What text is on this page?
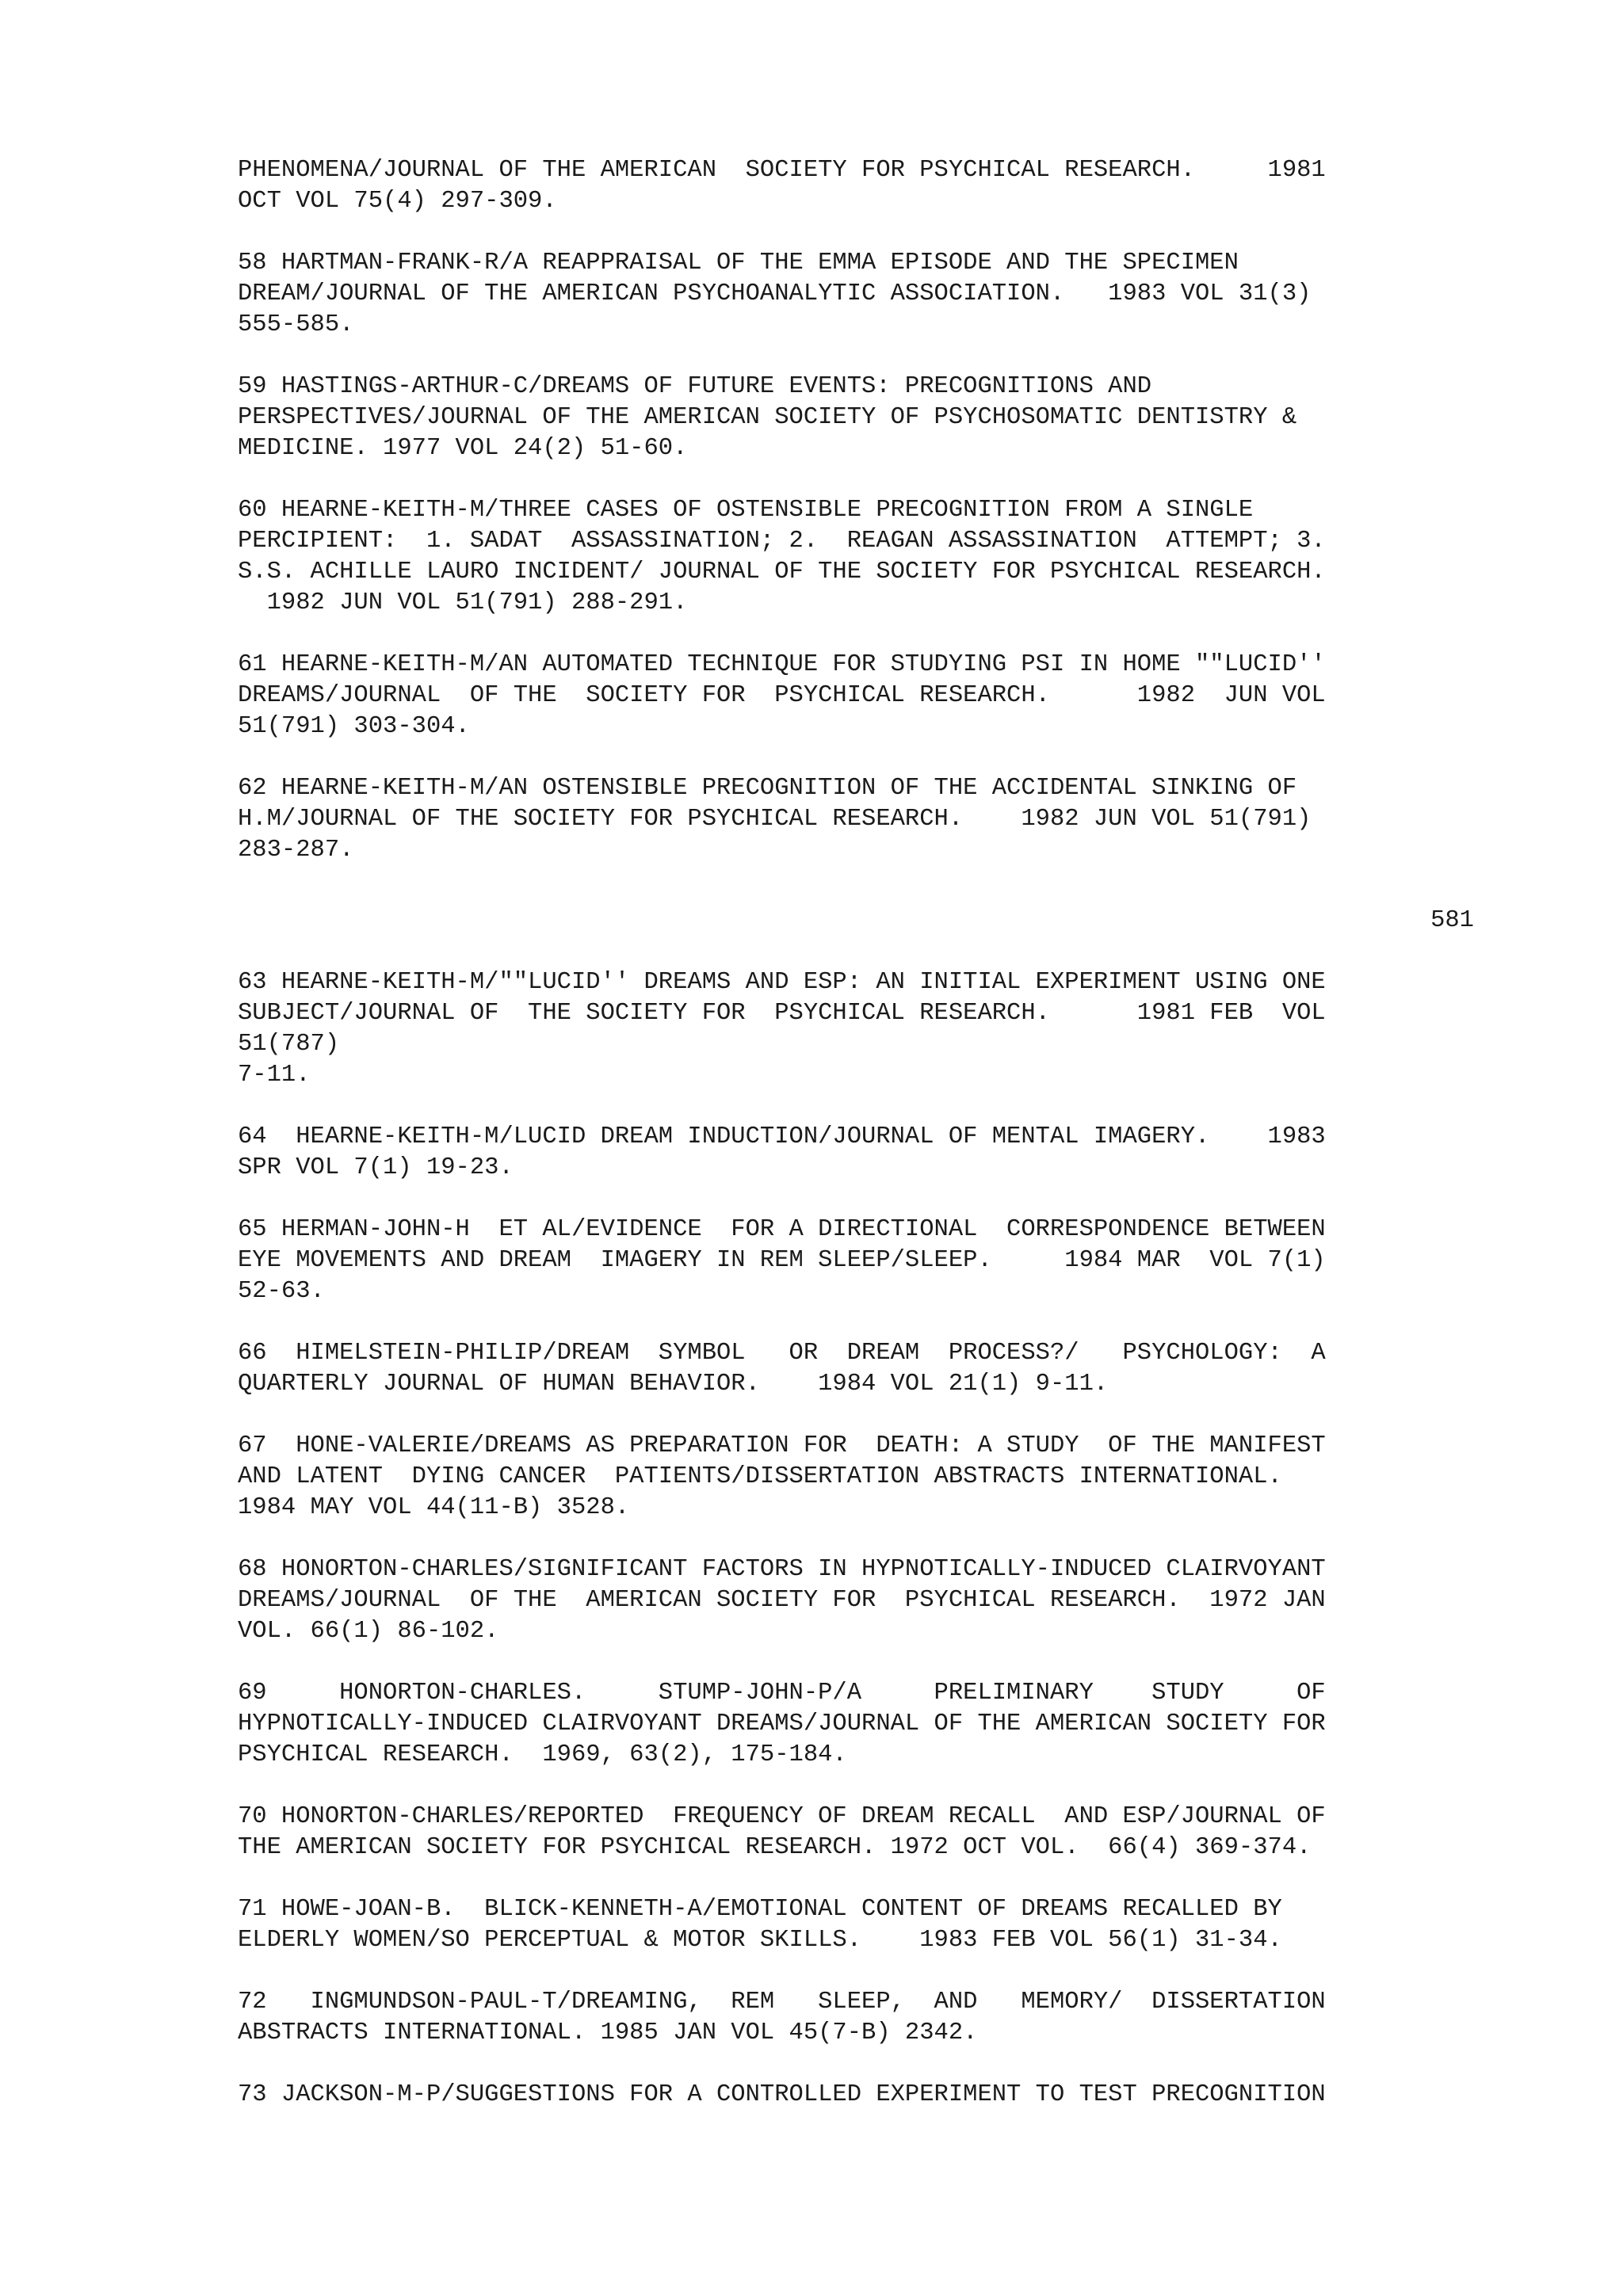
PHENOMENA/JOURNAL OF THE AMERICAN  SOCIETY FOR PSYCHICAL RESEARCH.     1981
OCT VOL 75(4) 297-309.
58 HARTMAN-FRANK-R/A REAPPRAISAL OF THE EMMA EPISODE AND THE SPECIMEN
DREAM/JOURNAL OF THE AMERICAN PSYCHOANALYTIC ASSOCIATION.   1983 VOL 31(3)
555-585.
59 HASTINGS-ARTHUR-C/DREAMS OF FUTURE EVENTS: PRECOGNITIONS AND
PERSPECTIVES/JOURNAL OF THE AMERICAN SOCIETY OF PSYCHOSOMATIC DENTISTRY &
MEDICINE. 1977 VOL 24(2) 51-60.
60 HEARNE-KEITH-M/THREE CASES OF OSTENSIBLE PRECOGNITION FROM A SINGLE
PERCIPIENT:  1. SADAT  ASSASSINATION; 2.  REAGAN ASSASSINATION  ATTEMPT; 3.
S.S. ACHILLE LAURO INCIDENT/ JOURNAL OF THE SOCIETY FOR PSYCHICAL RESEARCH.
1982 JUN VOL 51(791) 288-291.
61 HEARNE-KEITH-M/AN AUTOMATED TECHNIQUE FOR STUDYING PSI IN HOME ""LUCID''
DREAMS/JOURNAL  OF THE  SOCIETY FOR  PSYCHICAL RESEARCH.      1982  JUN VOL
51(791) 303-304.
62 HEARNE-KEITH-M/AN OSTENSIBLE PRECOGNITION OF THE ACCIDENTAL SINKING OF
H.M/JOURNAL OF THE SOCIETY FOR PSYCHICAL RESEARCH.    1982 JUN VOL 51(791)
283-287.
581
63 HEARNE-KEITH-M/""LUCID'' DREAMS AND ESP: AN INITIAL EXPERIMENT USING ONE
SUBJECT/JOURNAL OF  THE SOCIETY FOR  PSYCHICAL RESEARCH.      1981 FEB  VOL
51(787)
7-11.
64  HEARNE-KEITH-M/LUCID DREAM INDUCTION/JOURNAL OF MENTAL IMAGERY.    1983
SPR VOL 7(1) 19-23.
65 HERMAN-JOHN-H  ET AL/EVIDENCE  FOR A DIRECTIONAL  CORRESPONDENCE BETWEEN
EYE MOVEMENTS AND DREAM  IMAGERY IN REM SLEEP/SLEEP.     1984 MAR  VOL 7(1)
52-63.
66  HIMELSTEIN-PHILIP/DREAM  SYMBOL   OR  DREAM  PROCESS?/   PSYCHOLOGY:  A
QUARTERLY JOURNAL OF HUMAN BEHAVIOR.    1984 VOL 21(1) 9-11.
67  HONE-VALERIE/DREAMS AS PREPARATION FOR  DEATH: A STUDY  OF THE MANIFEST
AND LATENT  DYING CANCER  PATIENTS/DISSERTATION ABSTRACTS INTERNATIONAL.
1984 MAY VOL 44(11-B) 3528.
68 HONORTON-CHARLES/SIGNIFICANT FACTORS IN HYPNOTICALLY-INDUCED CLAIRVOYANT
DREAMS/JOURNAL  OF THE  AMERICAN SOCIETY FOR  PSYCHICAL RESEARCH.  1972 JAN
VOL. 66(1) 86-102.
69     HONORTON-CHARLES.     STUMP-JOHN-P/A     PRELIMINARY    STUDY     OF
HYPNOTICALLY-INDUCED CLAIRVOYANT DREAMS/JOURNAL OF THE AMERICAN SOCIETY FOR
PSYCHICAL RESEARCH.  1969, 63(2), 175-184.
70 HONORTON-CHARLES/REPORTED  FREQUENCY OF DREAM RECALL  AND ESP/JOURNAL OF
THE AMERICAN SOCIETY FOR PSYCHICAL RESEARCH. 1972 OCT VOL.  66(4) 369-374.
71 HOWE-JOAN-B.  BLICK-KENNETH-A/EMOTIONAL CONTENT OF DREAMS RECALLED BY
ELDERLY WOMEN/SO PERCEPTUAL & MOTOR SKILLS.    1983 FEB VOL 56(1) 31-34.
72   INGMUNDSON-PAUL-T/DREAMING,  REM   SLEEP,  AND   MEMORY/  DISSERTATION
ABSTRACTS INTERNATIONAL. 1985 JAN VOL 45(7-B) 2342.
73 JACKSON-M-P/SUGGESTIONS FOR A CONTROLLED EXPERIMENT TO TEST PRECOGNITION
